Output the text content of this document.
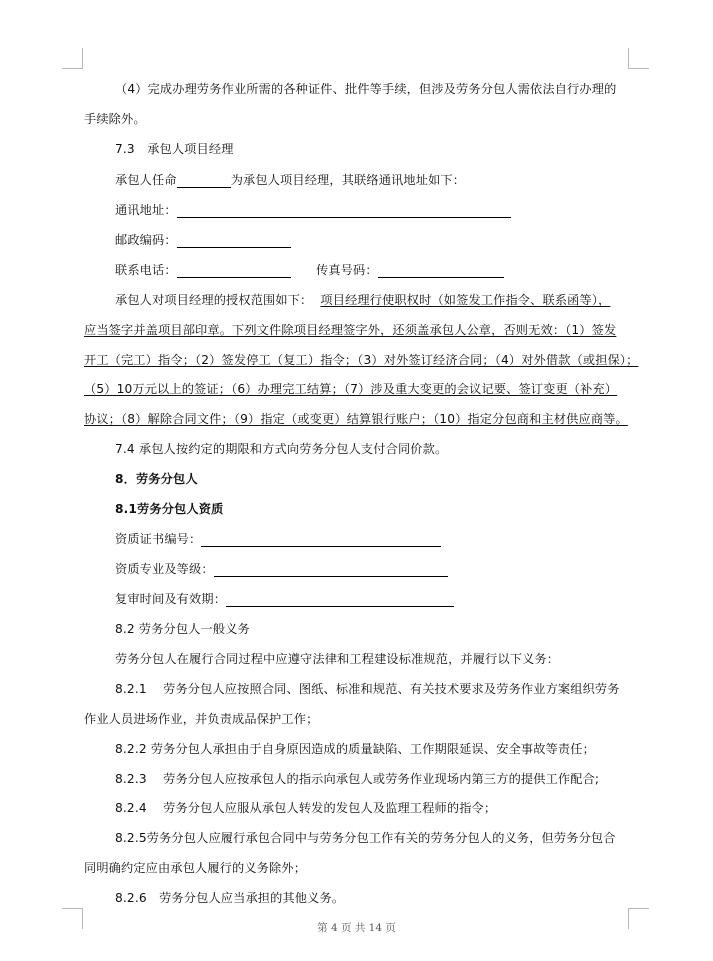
（4）完成办理劳务作业所需的各种证件、批件等手续，但涉及劳务分包人需依法自行办理的
手续除外。
7.3　承包人项目经理
承包人任命	为承包人项目经理，其联络通讯地址如下：
通讯地址：
邮政编码：
联系电话：	传真号码：
承包人对项目经理的授权范围如下： 项目经理行使职权时（如签发工作指令、联系函等），
应当签字并盖项目部印章。下列文件除项目经理签字外，还须盖承包人公章，否则无效：（1）签发
开工（完工）指令；（2）签发停工（复工）指令；（3）对外签订经济合同；（4）对外借款（或担保）；
（5）10万元以上的签证；（6）办理完工结算；（7）涉及重大变更的会议记要、签订变更（补充）
协议；（8）解除合同文件；（9）指定（或变更）结算银行账户；（10）指定分包商和主材供应商等。
7.4 承包人按约定的期限和方式向劳务分包人支付合同价款。
8．劳务分包人
8.1劳务分包人资质
资质证书编号：
资质专业及等级：
复审时间及有效期：
8.2 劳务分包人一般义务
劳务分包人在履行合同过程中应遵守法律和工程建设标准规范，并履行以下义务：
8.2.1　 劳务分包人应按照合同、图纸、标准和规范、有关技术要求及劳务作业方案组织劳务
作业人员进场作业，并负责成品保护工作；
8.2.2 劳务分包人承担由于自身原因造成的质量缺陷、工作期限延误、安全事故等责任；
8.2.3　 劳务分包人应按承包人的指示向承包人或劳务作业现场内第三方的提供工作配合;
8.2.4　 劳务分包人应服从承包人转发的发包人及监理工程师的指令；
8.2.5劳务分包人应履行承包合同中与劳务分包工作有关的劳务分包人的义务，但劳务分包合
同明确约定应由承包人履行的义务除外；
8.2.6　劳务分包人应当承担的其他义务。
第 4 页 共 14 页
